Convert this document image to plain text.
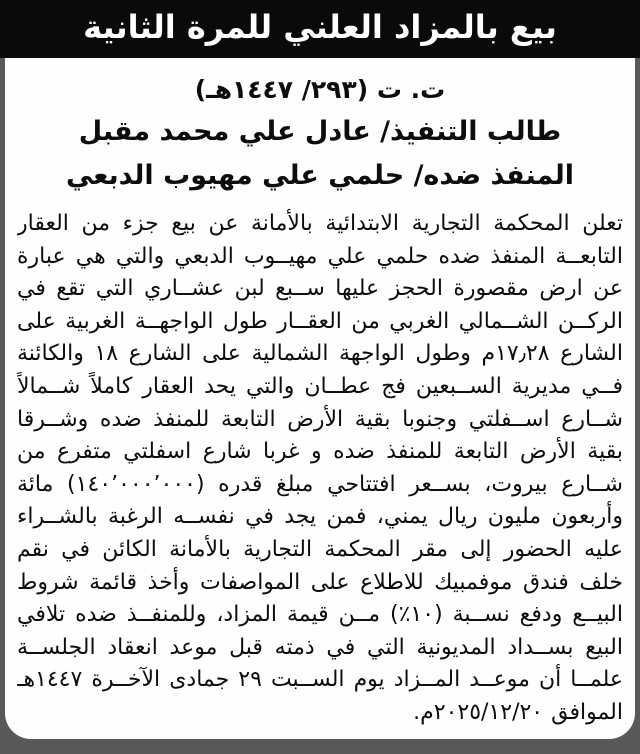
بيع بالمزاد العلني للمرة الثانية
ت. ت (٢٩٣/ ١٤٤٧هـ)
طالب التنفيذ/ عادل علي محمد مقبل
المنفذ ضده/ حلمي علي مهيوب الدبعي
تعلن المحكمة التجارية الابتدائية بالأمانة عن بيع جزء من العقار
التابعــة المنفذ ضده حلمي علي مهيــوب الدبعي والتي هي عبارة
عن ارض مقصورة الحجز عليها ســبع لبن عشــاري التي تقع في
الركــن الشــمالي الغربي من العقــار طول الواجهــة الغربية على
الشارع ١٧٫٢٨م وطول الواجهة الشمالية على الشارع ١٨ والكائنة
فــي مديرية الســبعين فج عطــان والتي يحد العقار كاملاً شــمالاً
شــارع اســفلتي وجنوبا بقية الأرض التابعة للمنفذ ضده وشــرقا
بقية الأرض التابعة للمنفذ ضده و غربا شارع اسفلتي متفرع من
شــارع بيروت، بســعر افتتاحي مبلغ قدره (١٤٠٬٠٠٠٬٠٠٠) مائة
وأربعون مليون ريال يمني، فمن يجد في نفســه الرغبة بالشــراء
عليه الحضور إلى مقر المحكمة التجارية بالأمانة الكائن في نقم
خلف فندق موفمبيك للاطلاع على المواصفات وأخذ قائمة شروط
البيــع ودفع نســبة (١٠٪) مــن قيمة المزاد، وللمنفــذ ضده تلافي
البيع بســداد المديونية التي في ذمته قبل موعد انعقاد الجلســة
علمــا أن موعــد المــزاد يوم الســبت ٢٩ جمادى الآخــرة ١٤٤٧هـ
الموافق ٢٠٢٥/١٢/٢٠م.
